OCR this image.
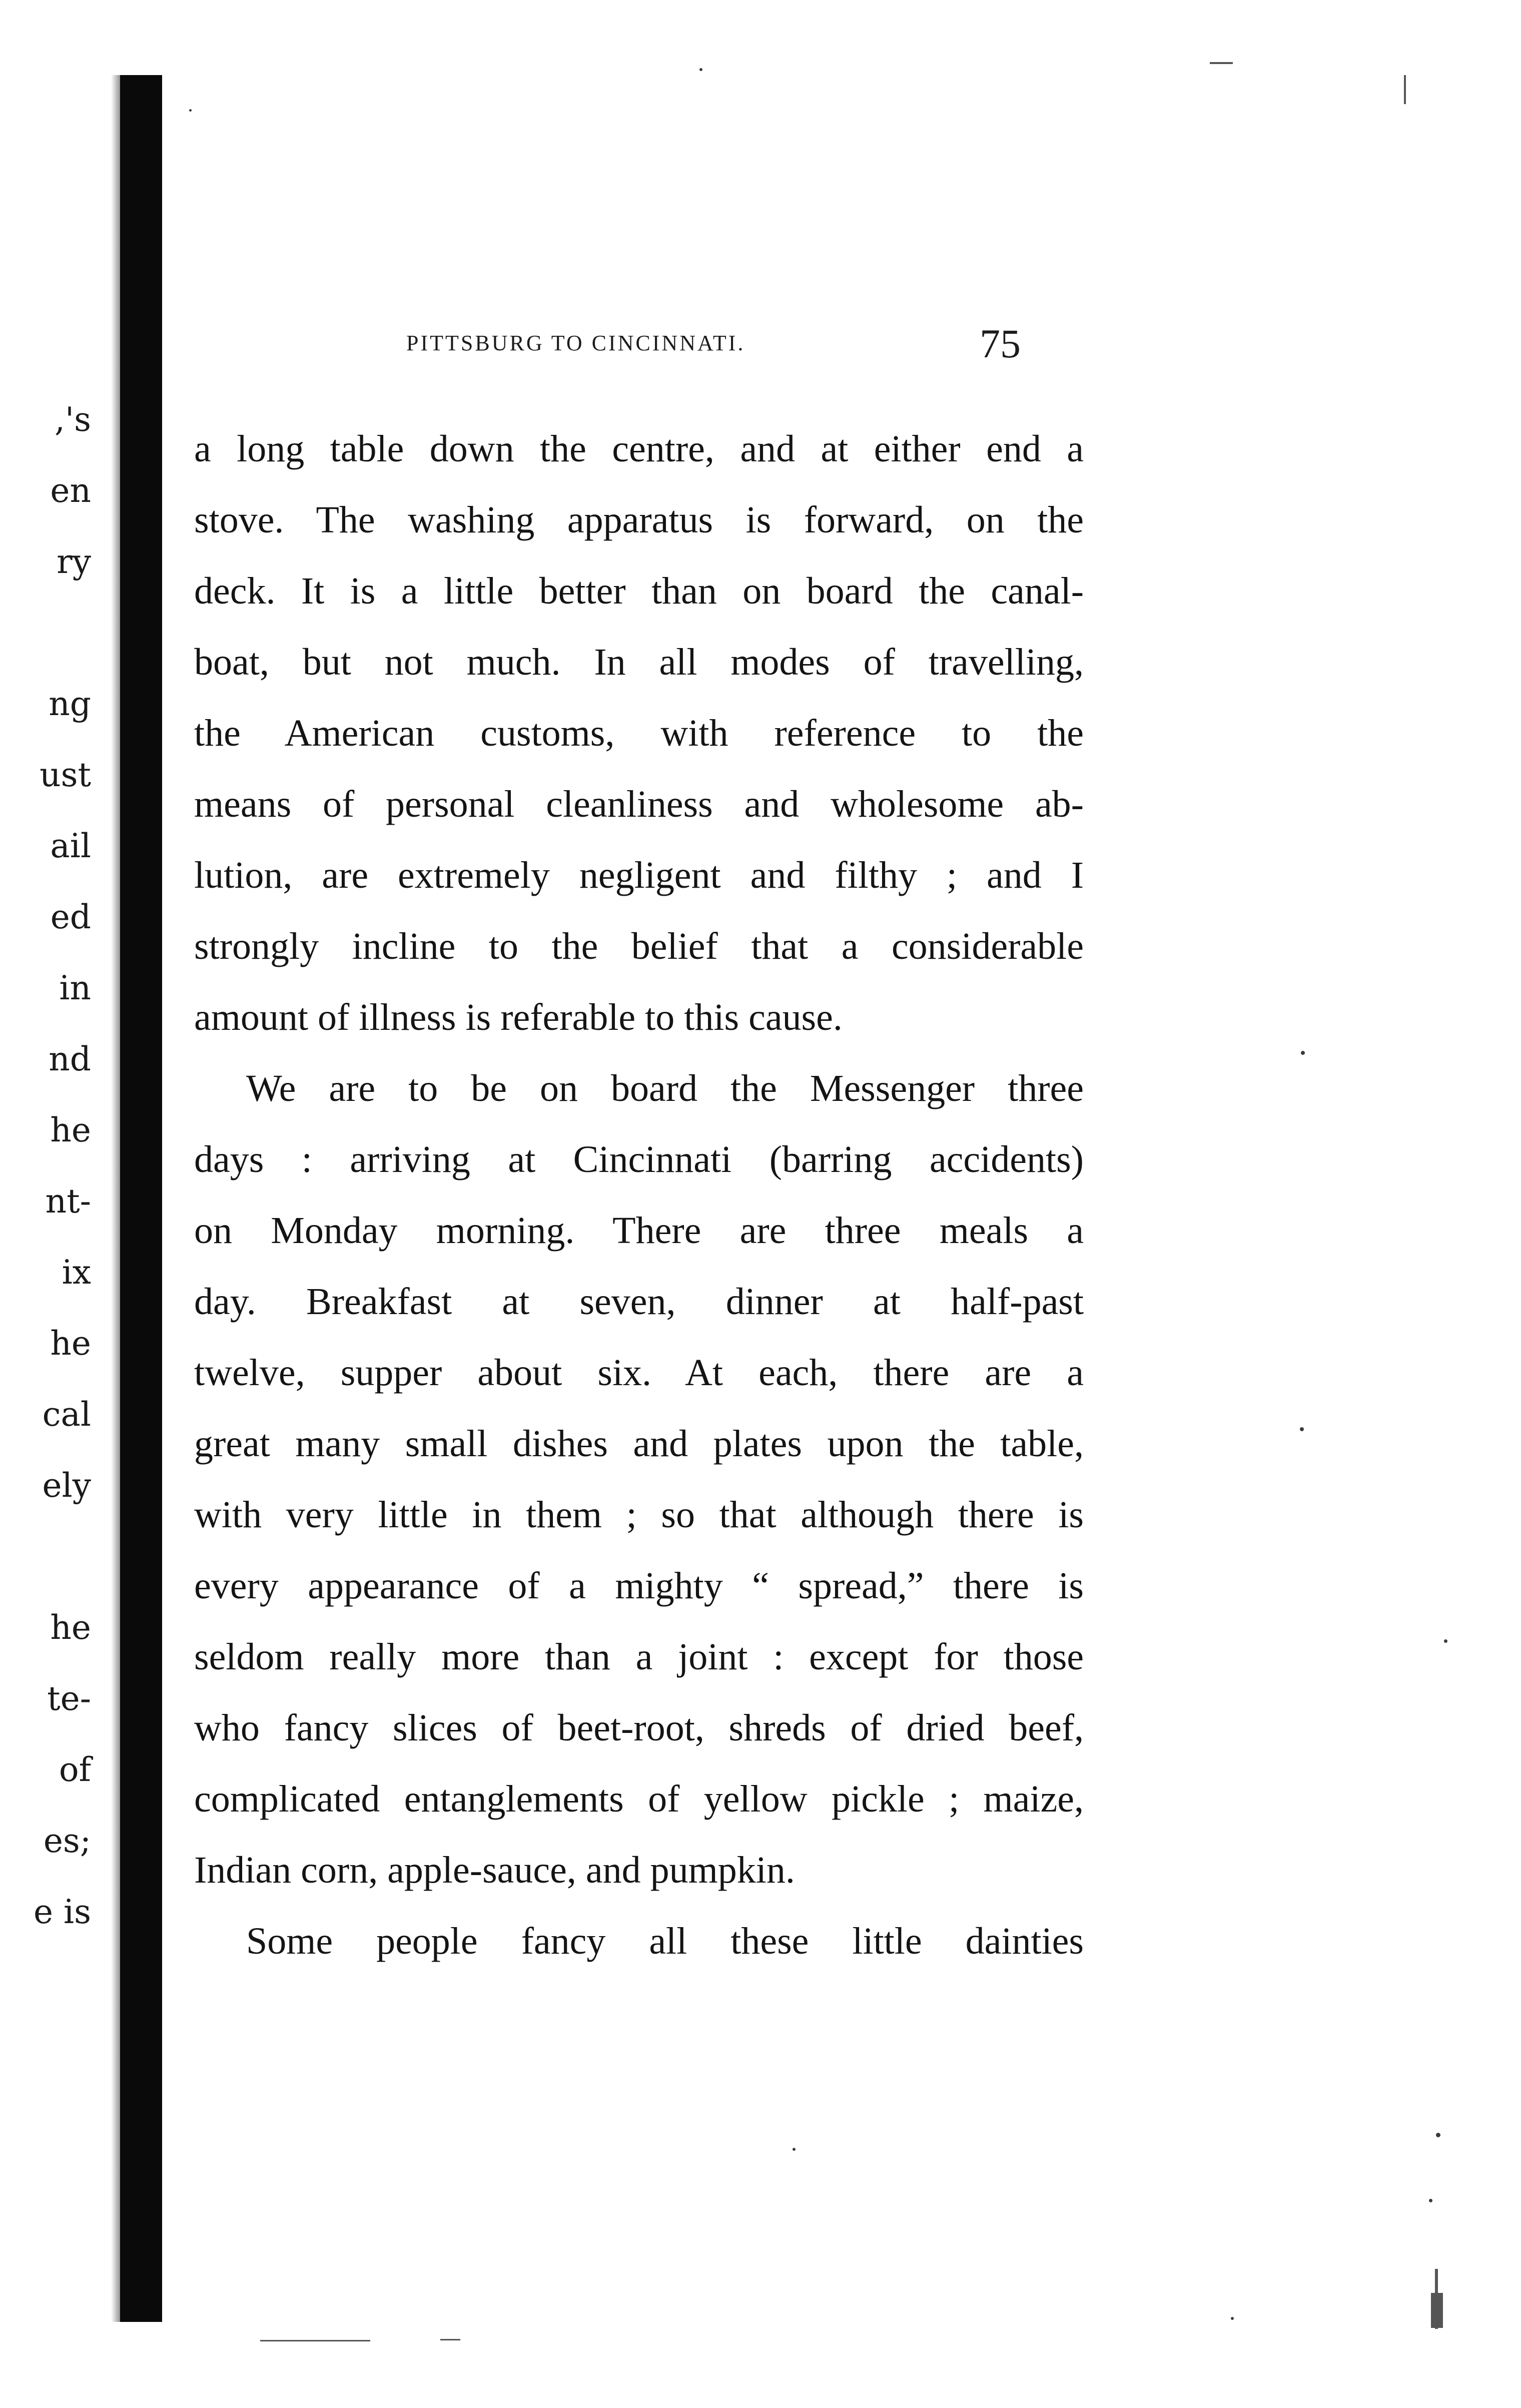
,'s
en
ry
ng
ust
ail
ed
in
nd
he
nt-
ix
he
cal
ely
he
te-
of
es;
e is
PITTSBURG TO CINCINNATI.	75
a long table down the centre, and at either end a
stove. The washing apparatus is forward, on the
deck. It is a little better than on board the canal-
boat, but not much. In all modes of travelling,
the American customs, with reference to the
means of personal cleanliness and wholesome ab-
lution, are extremely negligent and filthy ; and I
strongly incline to the belief that a considerable
amount of illness is referable to this cause.
We are to be on board the Messenger three
days : arriving at Cincinnati (barring accidents)
on Monday morning. There are three meals a
day. Breakfast at seven, dinner at half-past
twelve, supper about six. At each, there are a
great many small dishes and plates upon the table,
with very little in them ; so that although there is
every appearance of a mighty “ spread,” there is
seldom really more than a joint : except for those
who fancy slices of beet-root, shreds of dried beef,
complicated entanglements of yellow pickle ; maize,
Indian corn, apple-sauce, and pumpkin.
Some people fancy all these little dainties
